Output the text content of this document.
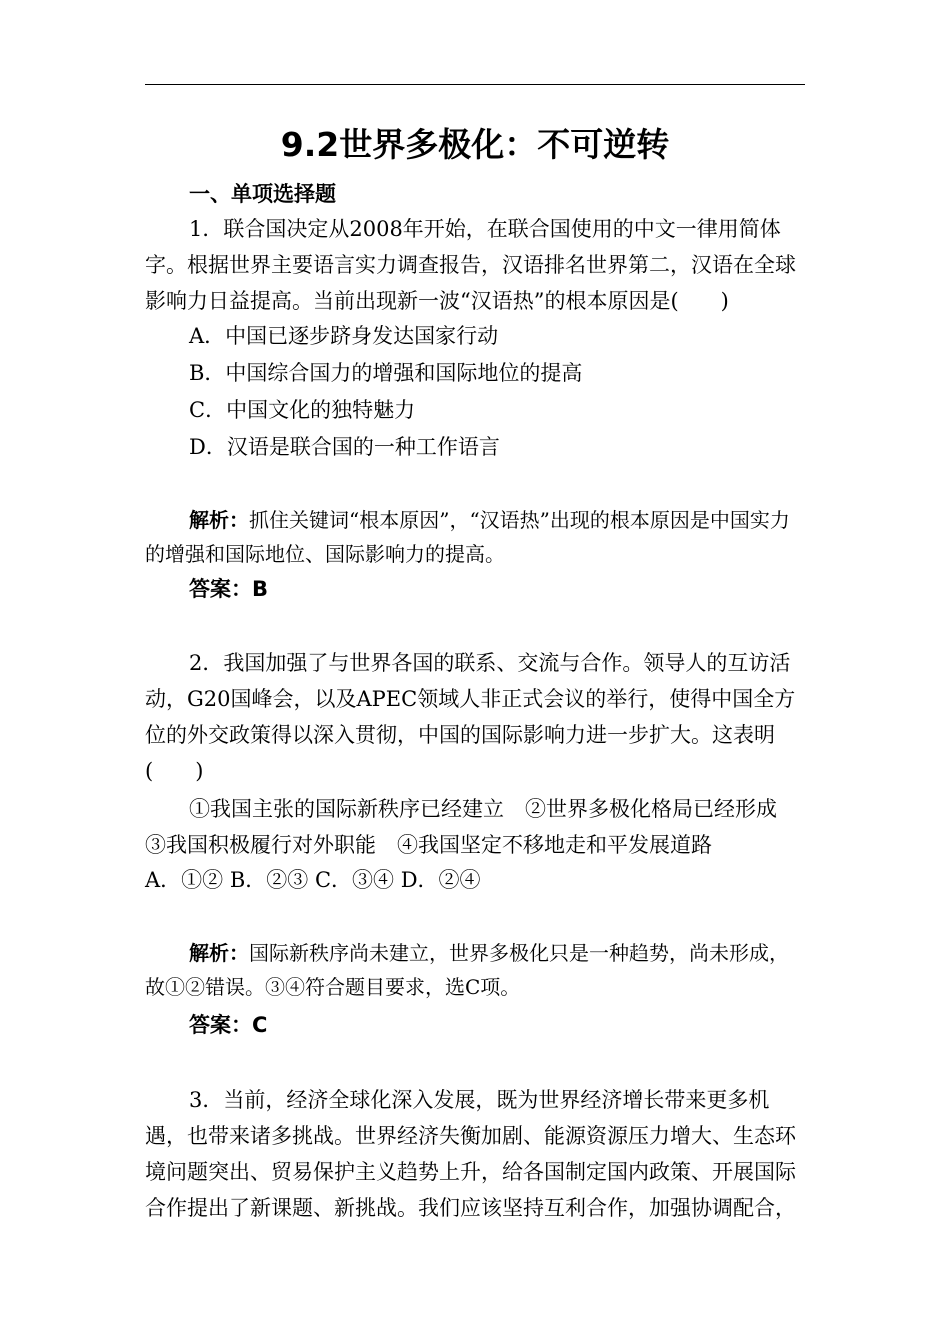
9.2世界多极化：不可逆转
一、单项选择题
1．联合国决定从2008年开始，在联合国使用的中文一律用简体字。根据世界主要语言实力调查报告，汉语排名世界第二，汉语在全球影响力日益提高。当前出现新一波“汉语热”的根本原因是(　　)
A．中国已逐步跻身发达国家行动
B．中国综合国力的增强和国际地位的提高
C．中国文化的独特魅力
D．汉语是联合国的一种工作语言
解析：抓住关键词“根本原因”，“汉语热”出现的根本原因是中国实力的增强和国际地位、国际影响力的提高。
答案：B
2．我国加强了与世界各国的联系、交流与合作。领导人的互访活动，G20国峰会，以及APEC领域人非正式会议的举行，使得中国全方位的外交政策得以深入贯彻，中国的国际影响力进一步扩大。这表明(　　)
①我国主张的国际新秩序已经建立　②世界多极化格局已经形成　③我国积极履行对外职能　④我国坚定不移地走和平发展道路
A．①② B．②③ C．③④ D．②④
解析：国际新秩序尚未建立，世界多极化只是一种趋势，尚未形成，故①②错误。③④符合题目要求，选C项。
答案：C
3．当前，经济全球化深入发展，既为世界经济增长带来更多机遇，也带来诸多挑战。世界经济失衡加剧、能源资源压力增大、生态环境问题突出、贸易保护主义趋势上升，给各国制定国内政策、开展国际合作提出了新课题、新挑战。我们应该坚持互利合作，加强协调配合，
